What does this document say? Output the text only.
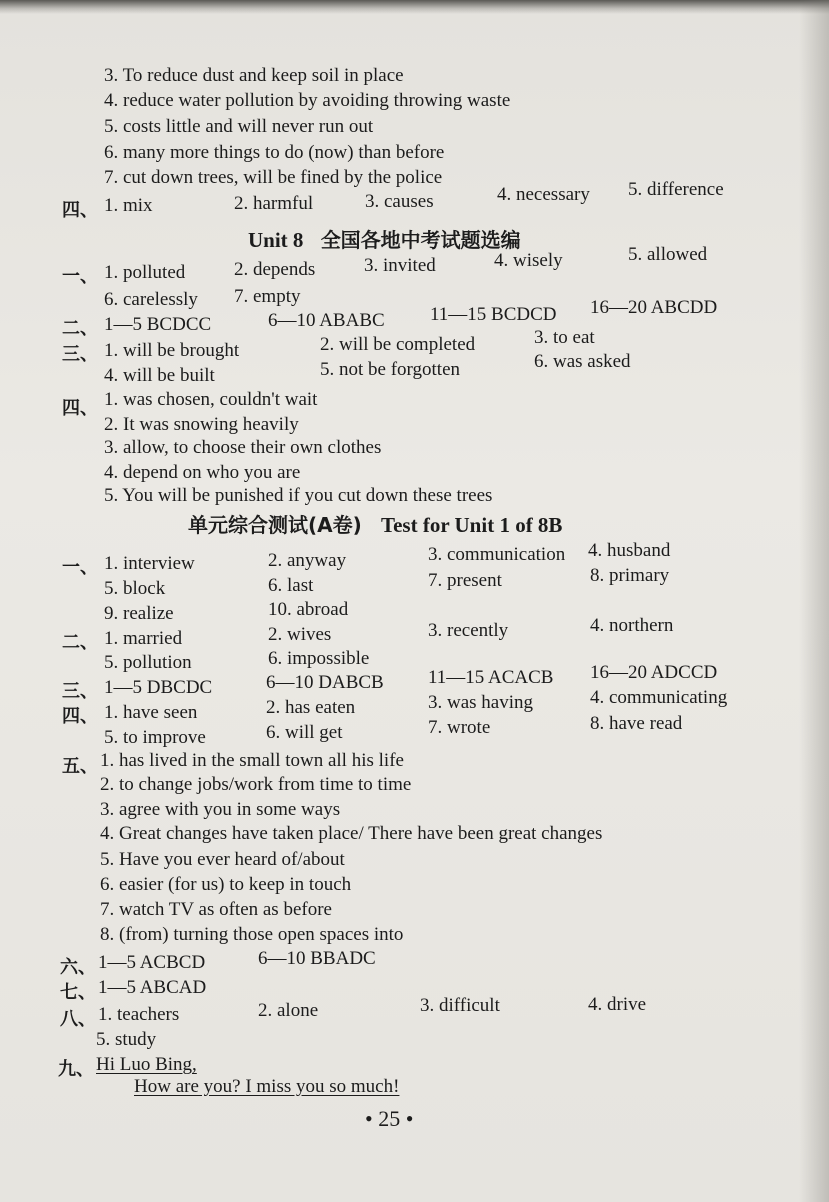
3. To reduce dust and keep soil in place
4. reduce water pollution by avoiding throwing waste
5. costs little and will never run out
6. many more things to do (now) than before
7. cut down trees, will be fined by the police
四、 1. mix	2. harmful	3. causes	4. necessary 5. difference
Unit 8 全国各地中考试题选编
一、 1. polluted	2. depends	3. invited	4. wisely	5. allowed
6. carelessly 7. empty
二、 1—5 BCDCC	6—10 ABABC 11—15 BCDCD 16—20 ABCDD
三、 1. will be brought	2. will be completed	3. to eat
4. will be built	5. not be forgotten	6. was asked
四、 1. was chosen, couldn't wait
2. It was snowing heavily
3. allow, to choose their own clothes
4. depend on who you are
5. You will be punished if you cut down these trees
单元综合测试(A卷) Test for Unit 1 of 8B
一、 1. interview	2. anyway	3. communication 4. husband
5. block	6. last	7. present	8. primary
9. realize	10. abroad
二、 1. married	2. wives	3. recently	4. northern
5. pollution	6. impossible
三、 1—5 DBCDC	6—10 DABCB 11—15 ACACB 16—20 ADCCD
四、 1. have seen	2. has eaten	3. was having	4. communicating
5. to improve	6. will get	7. wrote	8. have read
五、 1. has lived in the small town all his life
2. to change jobs/work from time to time
3. agree with you in some ways
4. Great changes have taken place/ There have been great changes
5. Have you ever heard of/about
6. easier (for us) to keep in touch
7. watch TV as often as before
8. (from) turning those open spaces into
六、 1—5 ACBCD	6—10 BBADC
七、 1—5 ABCAD
八、 1. teachers	2. alone	3. difficult	4. drive
5. study
九、 Hi Luo Bing,
How are you? I miss you so much!
• 25 •
